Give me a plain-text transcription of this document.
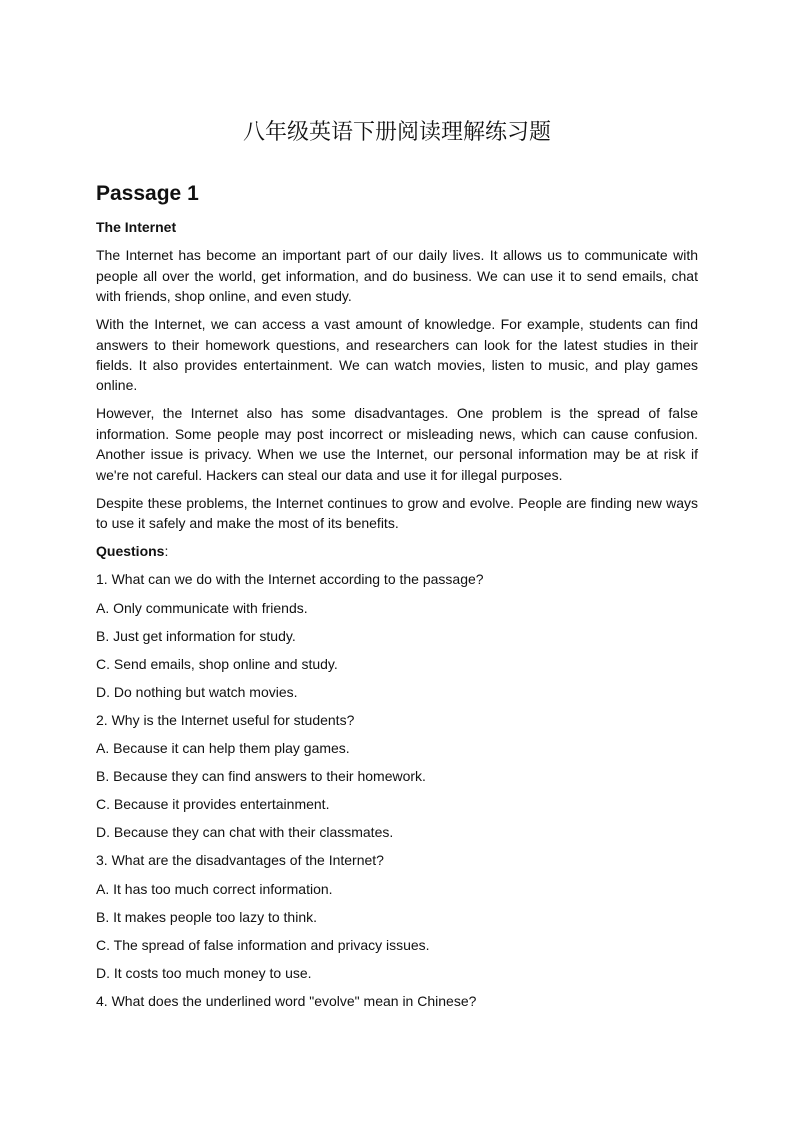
八年级英语下册阅读理解练习题
Passage 1

The Internet

The Internet has become an important part of our daily lives. It allows us to communicate with people all over the world, get information, and do business. We can use it to send emails, chat with friends, shop online, and even study.

With the Internet, we can access a vast amount of knowledge. For example, students can find answers to their homework questions, and researchers can look for the latest studies in their fields. It also provides entertainment. We can watch movies, listen to music, and play games online.

However, the Internet also has some disadvantages. One problem is the spread of false information. Some people may post incorrect or misleading news, which can cause confusion. Another issue is privacy. When we use the Internet, our personal information may be at risk if we're not careful. Hackers can steal our data and use it for illegal purposes.

Despite these problems, the Internet continues to grow and evolve. People are finding new ways to use it safely and make the most of its benefits.

Questions:

1. What can we do with the Internet according to the passage?

A. Only communicate with friends.

B. Just get information for study.

C. Send emails, shop online and study.

D. Do nothing but watch movies.

2. Why is the Internet useful for students?

A. Because it can help them play games.

B. Because they can find answers to their homework.

C. Because it provides entertainment.

D. Because they can chat with their classmates.

3. What are the disadvantages of the Internet?

A. It has too much correct information.

B. It makes people too lazy to think.

C. The spread of false information and privacy issues.

D. It costs too much money to use.

4. What does the underlined word "evolve" mean in Chinese?
